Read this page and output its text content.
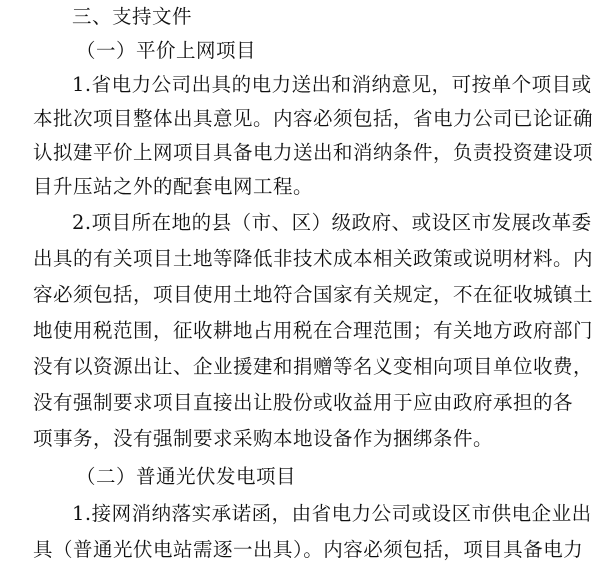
三、支持文件
（一）平价上网项目
1.省电力公司出具的电力送出和消纳意见，可按单个项目或
本批次项目整体出具意见。内容必须包括，省电力公司已论证确
认拟建平价上网项目具备电力送出和消纳条件，负责投资建设项
目升压站之外的配套电网工程。
2.项目所在地的县（市、区）级政府、或设区市发展改革委
出具的有关项目土地等降低非技术成本相关政策或说明材料。内
容必须包括，项目使用土地符合国家有关规定，不在征收城镇土
地使用税范围，征收耕地占用税在合理范围；有关地方政府部门
没有以资源出让、企业援建和捐赠等名义变相向项目单位收费，
没有强制要求项目直接出让股份或收益用于应由政府承担的各
项事务，没有强制要求采购本地设备作为捆绑条件。
（二）普通光伏发电项目
1.接网消纳落实承诺函，由省电力公司或设区市供电企业出
具（普通光伏电站需逐一出具）。内容必须包括，项目具备电力
